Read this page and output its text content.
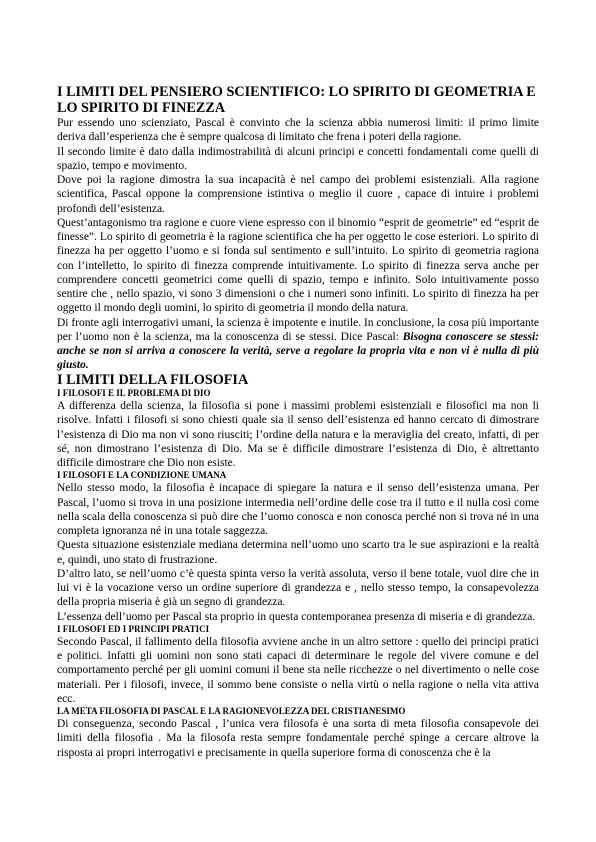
I LIMITI DEL PENSIERO SCIENTIFICO: LO SPIRITO DI GEOMETRIA E LO SPIRITO DI FINEZZA

Pur essendo uno scienziato, Pascal è convinto che la scienza abbia numerosi limiti: il primo limite deriva dall’esperienza che è sempre qualcosa di limitato che frena i poteri della ragione.

Il secondo limite è dato dalla indimostrabilità di alcuni principi e concetti fondamentali come quelli di spazio, tempo e movimento.

Dove poi la ragione dimostra la sua incapacità è nel campo dei problemi esistenziali. Alla ragione scientifica, Pascal oppone la comprensione istintiva o meglio il cuore , capace di intuire i problemi profondi dell’esistenza.

Quest’antagonismo tra ragione e cuore viene espresso con il binomio “esprit de geometrie” ed “esprit de finesse”. Lo spirito di geometria è la ragione scientifica che ha per oggetto le cose esteriori. Lo spirito di finezza ha per oggetto l’uomo e si fonda sul sentimento e sull’intuito. Lo spirito di geometria ragiona con l’intelletto, lo spirito di finezza comprende intuitivamente. Lo spirito di finezza serva anche per comprendere concetti geometrici come quelli di spazio, tempo e infinito. Solo intuitivamente posso sentire che , nello spazio, vi sono 3 dimensioni o che i numeri sono infiniti. Lo spirito di finezza ha per oggetto il mondo degli uomini, lo spirito di geometria il mondo della natura.

Di fronte agli interrogativi umani, la scienza è impotente e inutile. In conclusione, la cosa più importante per l’uomo non è la scienza, ma la conoscenza di se stessi. Dice Pascal: Bisogna conoscere se stessi: anche se non si arriva a conoscere la verità, serve a regolare la propria vita e non vi è nulla di più giusto.

I LIMITI DELLA FILOSOFIA
I FILOSOFI E IL PROBLEMA DI DIO

A differenza della scienza, la filosofia si pone i massimi problemi esistenziali e filosofici ma non li risolve. Infatti i filosofi si sono chiesti quale sia il senso dell’esistenza ed hanno cercato di dimostrare l’esistenza di Dio ma non vi sono riusciti; l’ordine della natura e la meraviglia del creato, infatti, di per sé, non dimostrano l’esistenza di Dio. Ma se è difficile dimostrare l’esistenza di Dio, è altrettanto difficile dimostrare che Dio non esiste.

I FILOSOFI E LA CONDIZIONE UMANA

Nello stesso modo, la filosofia è incapace di spiegare la natura e il senso dell’esistenza umana. Per Pascal, l’uomo si trova in una posizione intermedia nell’ordine delle cose tra il tutto e il nulla così come nella scala della conoscenza si può dire che l’uomo conosca e non conosca perché non si trova né in una completa ignoranza né in una totale saggezza.

Questa situazione esistenziale mediana determina nell’uomo uno scarto tra le sue aspirazioni e la realtà e, quindi, uno stato di frustrazione.

D’altro lato, se nell’uomo c’è questa spinta verso la verità assoluta, verso il bene totale, vuol dire che in lui vi è la vocazione verso un ordine superiore di grandezza e , nello stesso tempo, la consapevolezza della propria miseria è già un segno di grandezza.

L’essenza dell’uomo per Pascal sta proprio in questa contemporanea presenza di miseria e di grandezza.

I FILOSOFI ED I PRINCIPI PRATICI

Secondo Pascal, il fallimento della filosofia avviene anche in un altro settore : quello dei principi pratici e politici. Infatti gli uomini non sono stati capaci di determinare le regole del vivere comune e del comportamento perché per gli uomini comuni il bene sta nelle ricchezze o nel divertimento o nelle cose materiali. Per i filosofi, invece, il sommo bene consiste o nella virtù o nella ragione o nella vita attiva ecc.

LA META FILOSOFIA DI PASCAL E LA RAGIONEVOLEZZA DEL CRISTIANESIMO

Di conseguenza, secondo Pascal , l’unica vera filosofa è una sorta di meta filosofia consapevole dei limiti della filosofia . Ma la filosofa resta sempre fondamentale perché spinge a cercare altrove la risposta ai propri interrogativi e precisamente in quella superiore forma di conoscenza che è la
